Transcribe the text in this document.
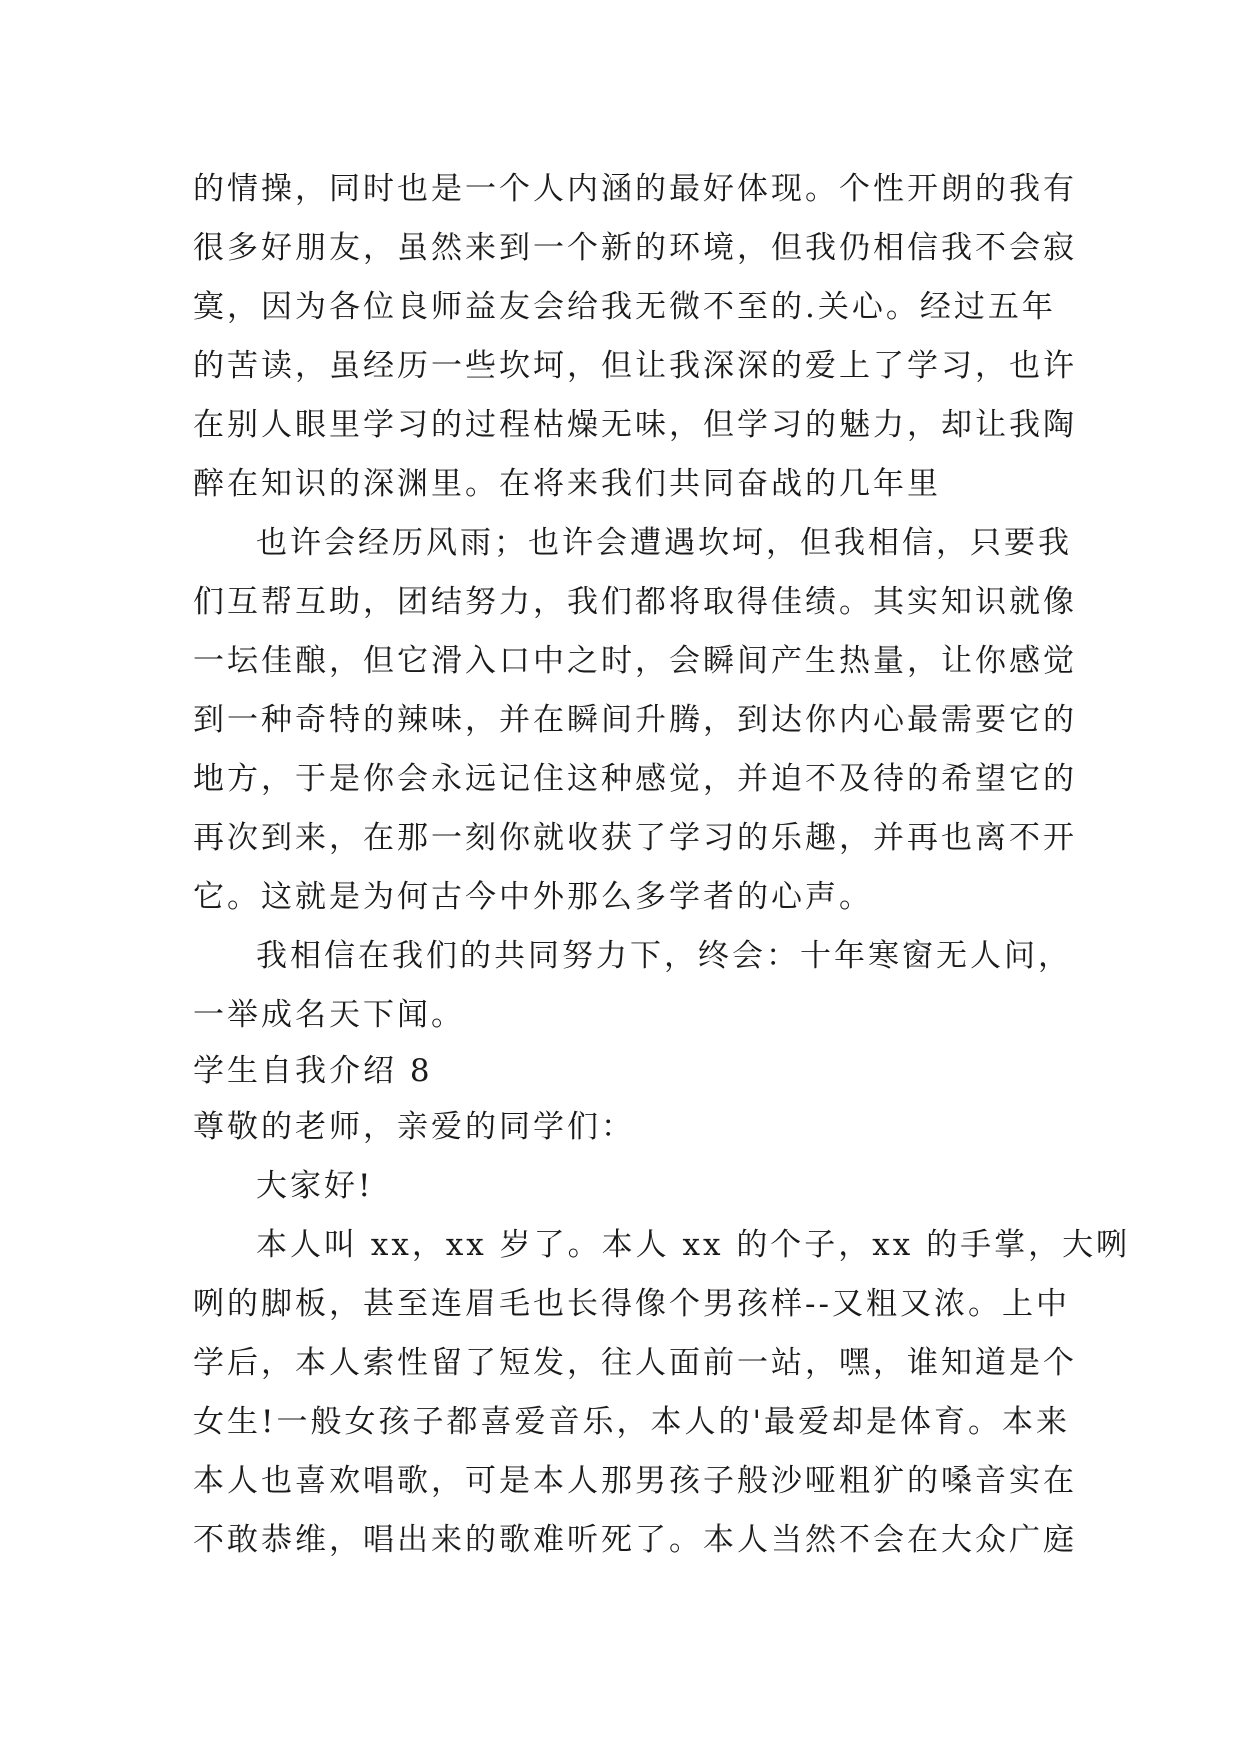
的情操，同时也是一个人内涵的最好体现。个性开朗的我有
很多好朋友，虽然来到一个新的环境，但我仍相信我不会寂
寞，因为各位良师益友会给我无微不至的.关心。经过五年
的苦读，虽经历一些坎坷，但让我深深的爱上了学习，也许
在别人眼里学习的过程枯燥无味，但学习的魅力，却让我陶
醉在知识的深渊里。在将来我们共同奋战的几年里
也许会经历风雨；也许会遭遇坎坷，但我相信，只要我
们互帮互助，团结努力，我们都将取得佳绩。其实知识就像
一坛佳酿，但它滑入口中之时，会瞬间产生热量，让你感觉
到一种奇特的辣味，并在瞬间升腾，到达你内心最需要它的
地方，于是你会永远记住这种感觉，并迫不及待的希望它的
再次到来，在那一刻你就收获了学习的乐趣，并再也离不开
它。这就是为何古今中外那么多学者的心声。
我相信在我们的共同努力下，终会：十年寒窗无人问，
一举成名天下闻。
学生自我介绍 8
尊敬的老师，亲爱的同学们：
大家好!
本人叫 xx，xx 岁了。本人 xx 的个子，xx 的手掌，大咧
咧的脚板，甚至连眉毛也长得像个男孩样--又粗又浓。上中
学后，本人索性留了短发，往人面前一站，嘿，谁知道是个
女生!一般女孩子都喜爱音乐，本人的'最爱却是体育。本来
本人也喜欢唱歌，可是本人那男孩子般沙哑粗犷的嗓音实在
不敢恭维，唱出来的歌难听死了。本人当然不会在大众广庭
